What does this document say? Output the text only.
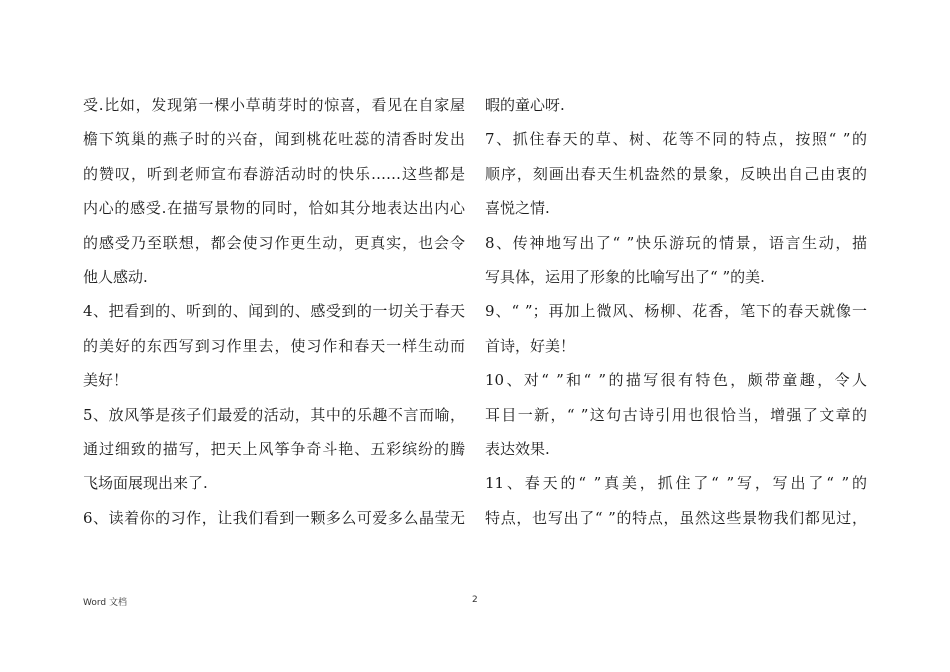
受.比如，发现第一棵小草萌芽时的惊喜，看见在自家屋
檐下筑巢的燕子时的兴奋，闻到桃花吐蕊的清香时发出
的赞叹，听到老师宣布春游活动时的快乐……这些都是
内心的感受.在描写景物的同时，恰如其分地表达出内心
的感受乃至联想，都会使习作更生动，更真实，也会令
他人感动.
4、把看到的、听到的、闻到的、感受到的一切关于春天
的美好的东西写到习作里去，使习作和春天一样生动而
美好！
5、放风筝是孩子们最爱的活动，其中的乐趣不言而喻，
通过细致的描写，把天上风筝争奇斗艳、五彩缤纷的腾
飞场面展现出来了.
6、读着你的习作，让我们看到一颗多么可爱多么晶莹无
暇的童心呀.
7、抓住春天的草、树、花等不同的特点，按照“ ”的
顺序，刻画出春天生机盎然的景象，反映出自己由衷的
喜悦之情.
8、传神地写出了“ ”快乐游玩的情景，语言生动，描
写具体，运用了形象的比喻写出了“ ”的美.
9、“ ”；再加上微风、杨柳、花香，笔下的春天就像一
首诗，好美！
10、对“ ”和“ ”的描写很有特色，颇带童趣，令人
耳目一新，“ ”这句古诗引用也很恰当，增强了文章的
表达效果.
11、春天的“ ”真美，抓住了“ ”写，写出了“ ”的
特点，也写出了“ ”的特点，虽然这些景物我们都见过，
Word 文档	2
